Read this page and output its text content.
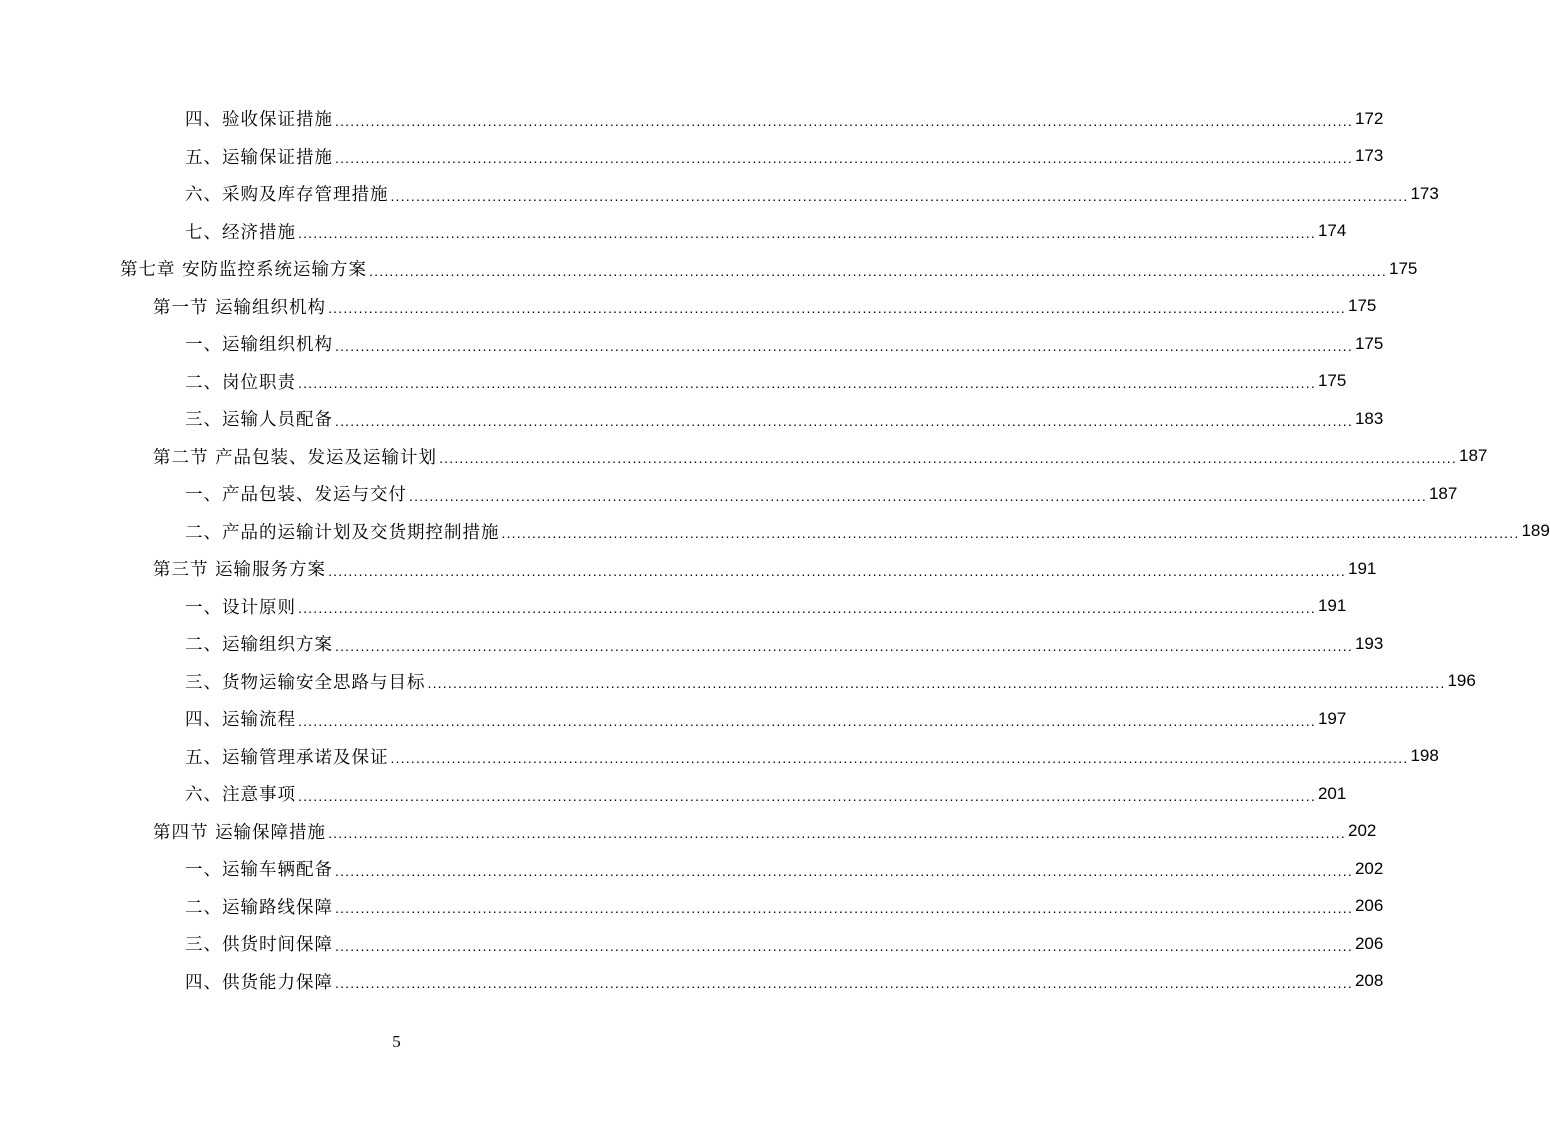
四、验收保证措施 ........................................................................................................................................................................................................ 172
五、运输保证措施 ........................................................................................................................................................................................................ 173
六、采购及库存管理措施 ........................................................................................................................................................................................................ 173
七、经济措施 ........................................................................................................................................................................................................ 174
第七章 安防监控系统运输方案 ........................................................................................................................................................................................................ 175
第一节 运输组织机构 ........................................................................................................................................................................................................ 175
一、运输组织机构 ........................................................................................................................................................................................................ 175
二、岗位职责 ........................................................................................................................................................................................................ 175
三、运输人员配备 ........................................................................................................................................................................................................ 183
第二节 产品包装、发运及运输计划 ........................................................................................................................................................................................................ 187
一、产品包装、发运与交付 ........................................................................................................................................................................................................ 187
二、产品的运输计划及交货期控制措施 ........................................................................................................................................................................................................ 189
第三节 运输服务方案 ........................................................................................................................................................................................................ 191
一、设计原则 ........................................................................................................................................................................................................ 191
二、运输组织方案 ........................................................................................................................................................................................................ 193
三、货物运输安全思路与目标 ........................................................................................................................................................................................................ 196
四、运输流程 ........................................................................................................................................................................................................ 197
五、运输管理承诺及保证 ........................................................................................................................................................................................................ 198
六、注意事项 ........................................................................................................................................................................................................ 201
第四节 运输保障措施 ........................................................................................................................................................................................................ 202
一、运输车辆配备 ........................................................................................................................................................................................................ 202
二、运输路线保障 ........................................................................................................................................................................................................ 206
三、供货时间保障 ........................................................................................................................................................................................................ 206
四、供货能力保障 ........................................................................................................................................................................................................ 208
5
